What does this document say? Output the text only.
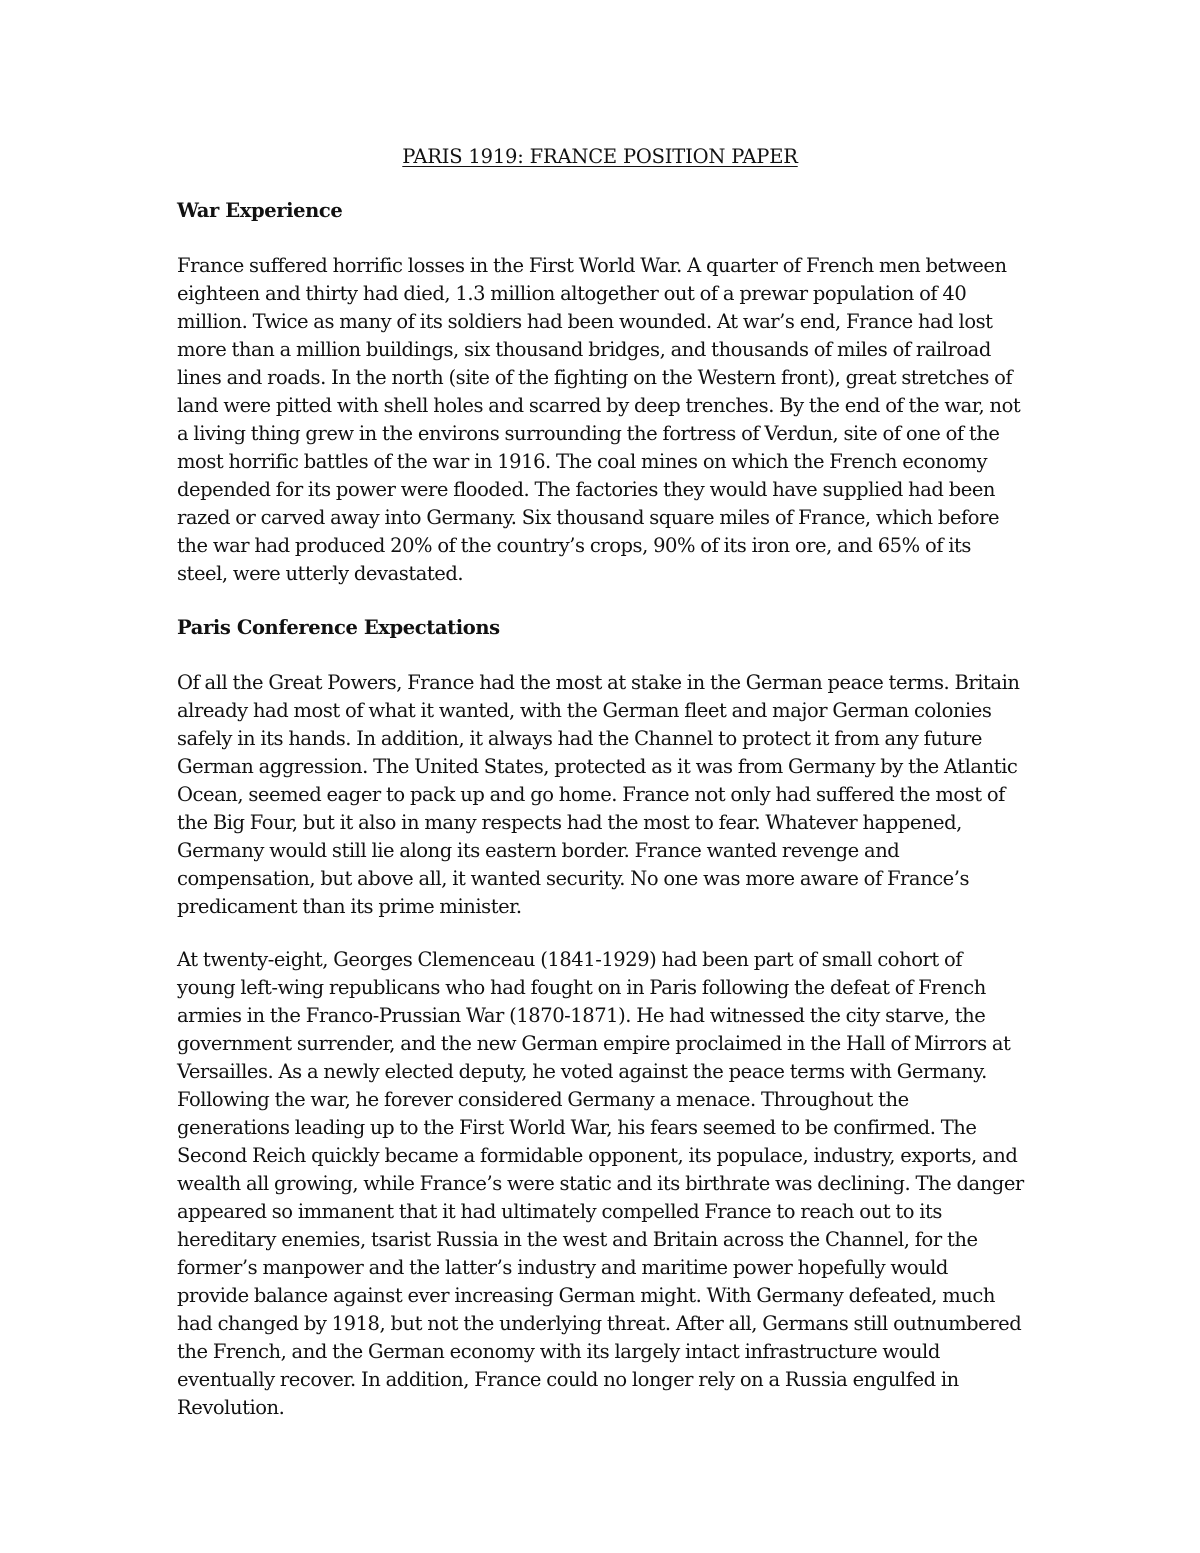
PARIS 1919: FRANCE POSITION PAPER
War Experience
France suffered horrific losses in the First World War. A quarter of French men between
eighteen and thirty had died, 1.3 million altogether out of a prewar population of 40
million. Twice as many of its soldiers had been wounded. At war’s end, France had lost
more than a million buildings, six thousand bridges, and thousands of miles of railroad
lines and roads. In the north (site of the fighting on the Western front), great stretches of
land were pitted with shell holes and scarred by deep trenches. By the end of the war, not
a living thing grew in the environs surrounding the fortress of Verdun, site of one of the
most horrific battles of the war in 1916. The coal mines on which the French economy
depended for its power were flooded. The factories they would have supplied had been
razed or carved away into Germany. Six thousand square miles of France, which before
the war had produced 20% of the country’s crops, 90% of its iron ore, and 65% of its
steel, were utterly devastated.
Paris Conference Expectations
Of all the Great Powers, France had the most at stake in the German peace terms. Britain
already had most of what it wanted, with the German fleet and major German colonies
safely in its hands. In addition, it always had the Channel to protect it from any future
German aggression. The United States, protected as it was from Germany by the Atlantic
Ocean, seemed eager to pack up and go home. France not only had suffered the most of
the Big Four, but it also in many respects had the most to fear. Whatever happened,
Germany would still lie along its eastern border. France wanted revenge and
compensation, but above all, it wanted security. No one was more aware of France’s
predicament than its prime minister.
At twenty-eight, Georges Clemenceau (1841-1929) had been part of small cohort of
young left-wing republicans who had fought on in Paris following the defeat of French
armies in the Franco-Prussian War (1870-1871). He had witnessed the city starve, the
government surrender, and the new German empire proclaimed in the Hall of Mirrors at
Versailles. As a newly elected deputy, he voted against the peace terms with Germany.
Following the war, he forever considered Germany a menace. Throughout the
generations leading up to the First World War, his fears seemed to be confirmed. The
Second Reich quickly became a formidable opponent, its populace, industry, exports, and
wealth all growing, while France’s were static and its birthrate was declining. The danger
appeared so immanent that it had ultimately compelled France to reach out to its
hereditary enemies, tsarist Russia in the west and Britain across the Channel, for the
former’s manpower and the latter’s industry and maritime power hopefully would
provide balance against ever increasing German might. With Germany defeated, much
had changed by 1918, but not the underlying threat. After all, Germans still outnumbered
the French, and the German economy with its largely intact infrastructure would
eventually recover. In addition, France could no longer rely on a Russia engulfed in
Revolution.
